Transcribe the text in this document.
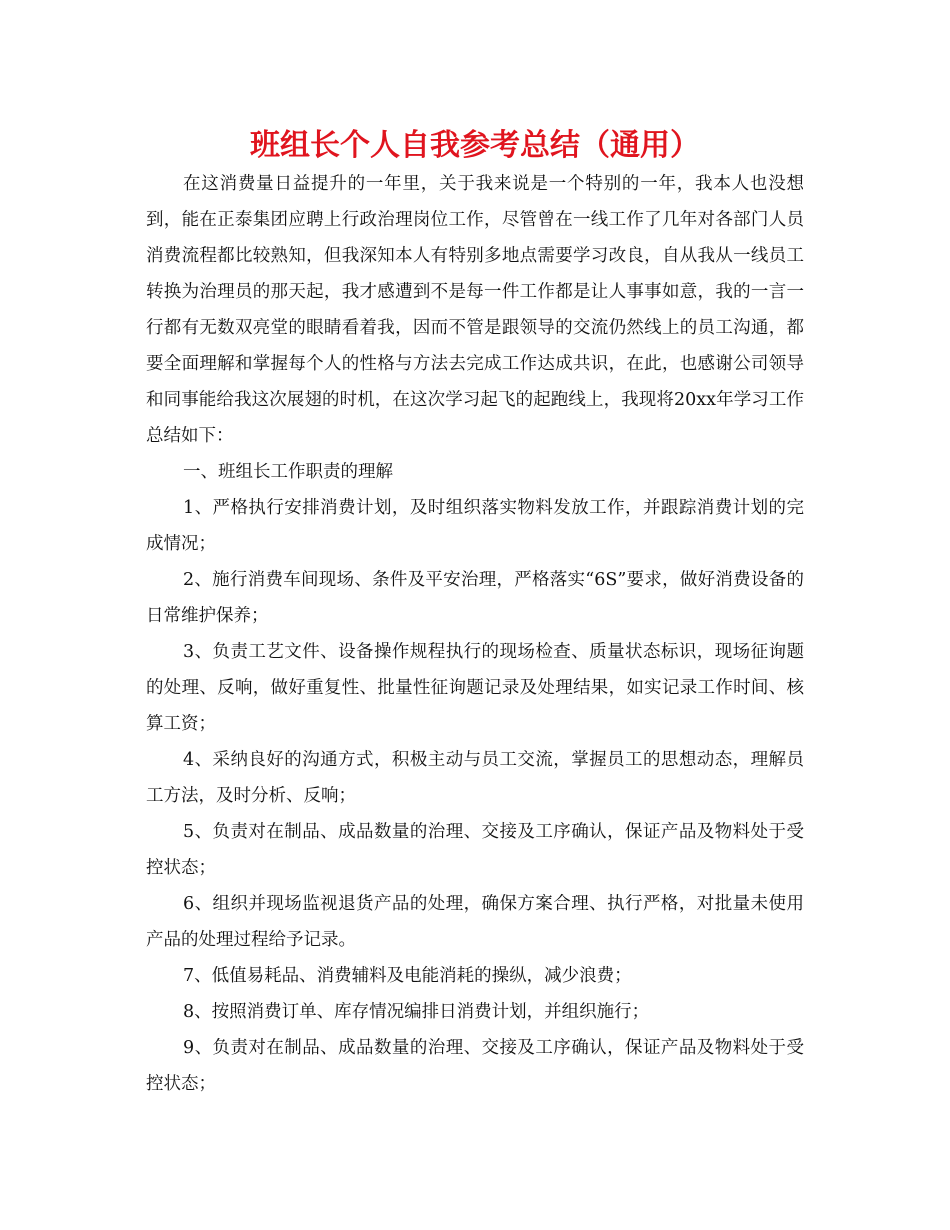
班组长个人自我参考总结（通用）

在这消费量日益提升的一年里，关于我来说是一个特别的一年，我本人也没想到，能在正泰集团应聘上行政治理岗位工作，尽管曾在一线工作了几年对各部门人员消费流程都比较熟知，但我深知本人有特别多地点需要学习改良，自从我从一线员工转换为治理员的那天起，我才感遭到不是每一件工作都是让人事事如意，我的一言一行都有无数双亮堂的眼睛看着我，因而不管是跟领导的交流仍然线上的员工沟通，都要全面理解和掌握每个人的性格与方法去完成工作达成共识，在此，也感谢公司领导和同事能给我这次展翅的时机，在这次学习起飞的起跑线上，我现将20xx年学习工作总结如下：

一、班组长工作职责的理解

1、严格执行安排消费计划，及时组织落实物料发放工作，并跟踪消费计划的完成情况；

2、施行消费车间现场、条件及平安治理，严格落实“6S”要求，做好消费设备的日常维护保养；

3、负责工艺文件、设备操作规程执行的现场检查、质量状态标识，现场征询题的处理、反响，做好重复性、批量性征询题记录及处理结果，如实记录工作时间、核算工资；

4、采纳良好的沟通方式，积极主动与员工交流，掌握员工的思想动态，理解员工方法，及时分析、反响；

5、负责对在制品、成品数量的治理、交接及工序确认，保证产品及物料处于受控状态；

6、组织并现场监视退货产品的处理，确保方案合理、执行严格，对批量未使用产品的处理过程给予记录。

7、低值易耗品、消费辅料及电能消耗的操纵，减少浪费；

8、按照消费订单、库存情况编排日消费计划，并组织施行；

9、负责对在制品、成品数量的治理、交接及工序确认，保证产品及物料处于受控状态；
